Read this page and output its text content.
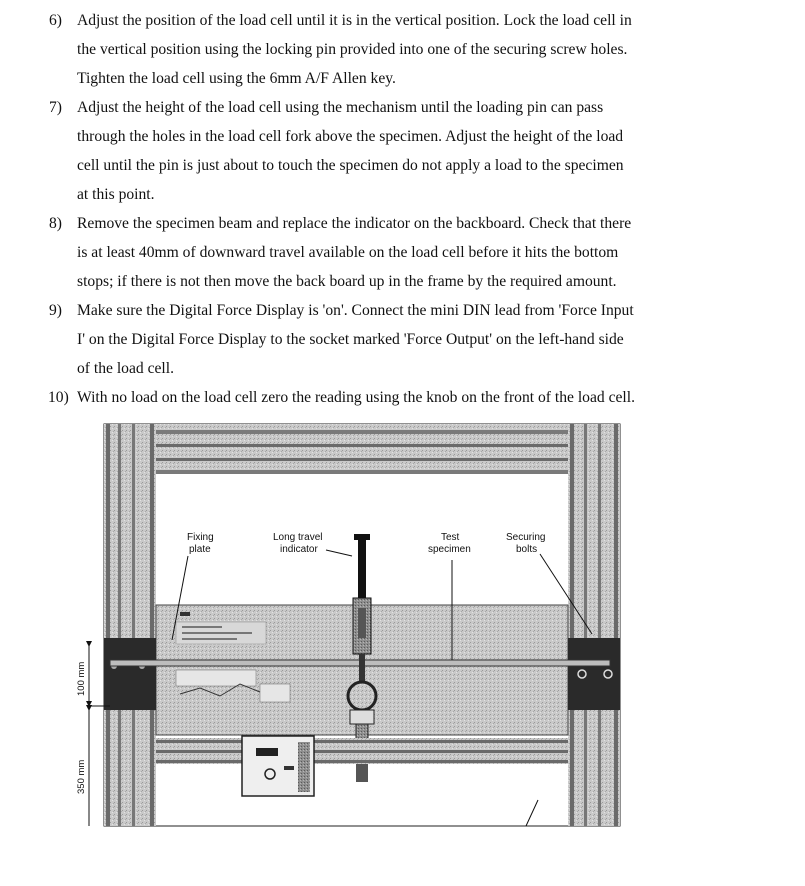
6) Adjust the position of the load cell until it is in the vertical position. Lock the load cell in
the vertical position using the locking pin provided into one of the securing screw holes.
Tighten the load cell using the 6mm A/F Allen key.
7) Adjust the height of the load cell using the mechanism until the loading pin can pass
through the holes in the load cell fork above the specimen. Adjust the height of the load
cell until the pin is just about to touch the specimen do not apply a load to the specimen
at this point.
8) Remove the specimen beam and replace the indicator on the backboard. Check that there
is at least 40mm of downward travel available on the load cell before it hits the bottom
stops; if there is not then move the back board up in the frame by the required amount.
9) Make sure the Digital Force Display is 'on'. Connect the mini DIN lead from 'Force Input
I' on the Digital Force Display to the socket marked 'Force Output' on the left-hand side
of the load cell.
10) With no load on the load cell zero the reading using the knob on the front of the load cell.
Fixing
plate
Long travel
indicator
Test
specimen
Securing
bolts
100 mm
350 mm
